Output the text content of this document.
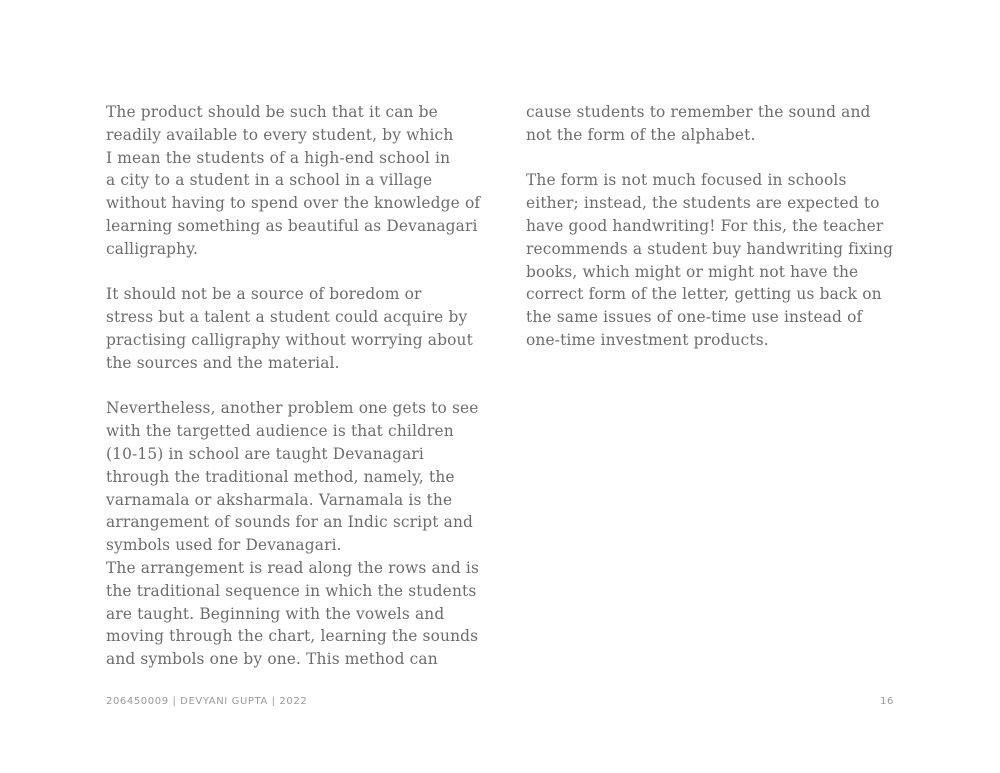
The product should be such that it can be
readily available to every student, by which
I mean the students of a high-end school in
a city to a student in a school in a village
without having to spend over the knowledge of
learning something as beautiful as Devanagari
calligraphy.
It should not be a source of boredom or
stress but a talent a student could acquire by
practising calligraphy without worrying about
the sources and the material.
Nevertheless, another problem one gets to see
with the targetted audience is that children
(10-15) in school are taught Devanagari
through the traditional method, namely, the
varnamala or aksharmala. Varnamala is the
arrangement of sounds for an Indic script and
symbols used for Devanagari.
The arrangement is read along the rows and is
the traditional sequence in which the students
are taught. Beginning with the vowels and
moving through the chart, learning the sounds
and symbols one by one. This method can
cause students to remember the sound and
not the form of the alphabet.
The form is not much focused in schools
either; instead, the students are expected to
have good handwriting! For this, the teacher
recommends a student buy handwriting fixing
books, which might or might not have the
correct form of the letter, getting us back on
the same issues of one-time use instead of
one-time investment products.
206450009 | DEVYANI GUPTA | 2022	16
